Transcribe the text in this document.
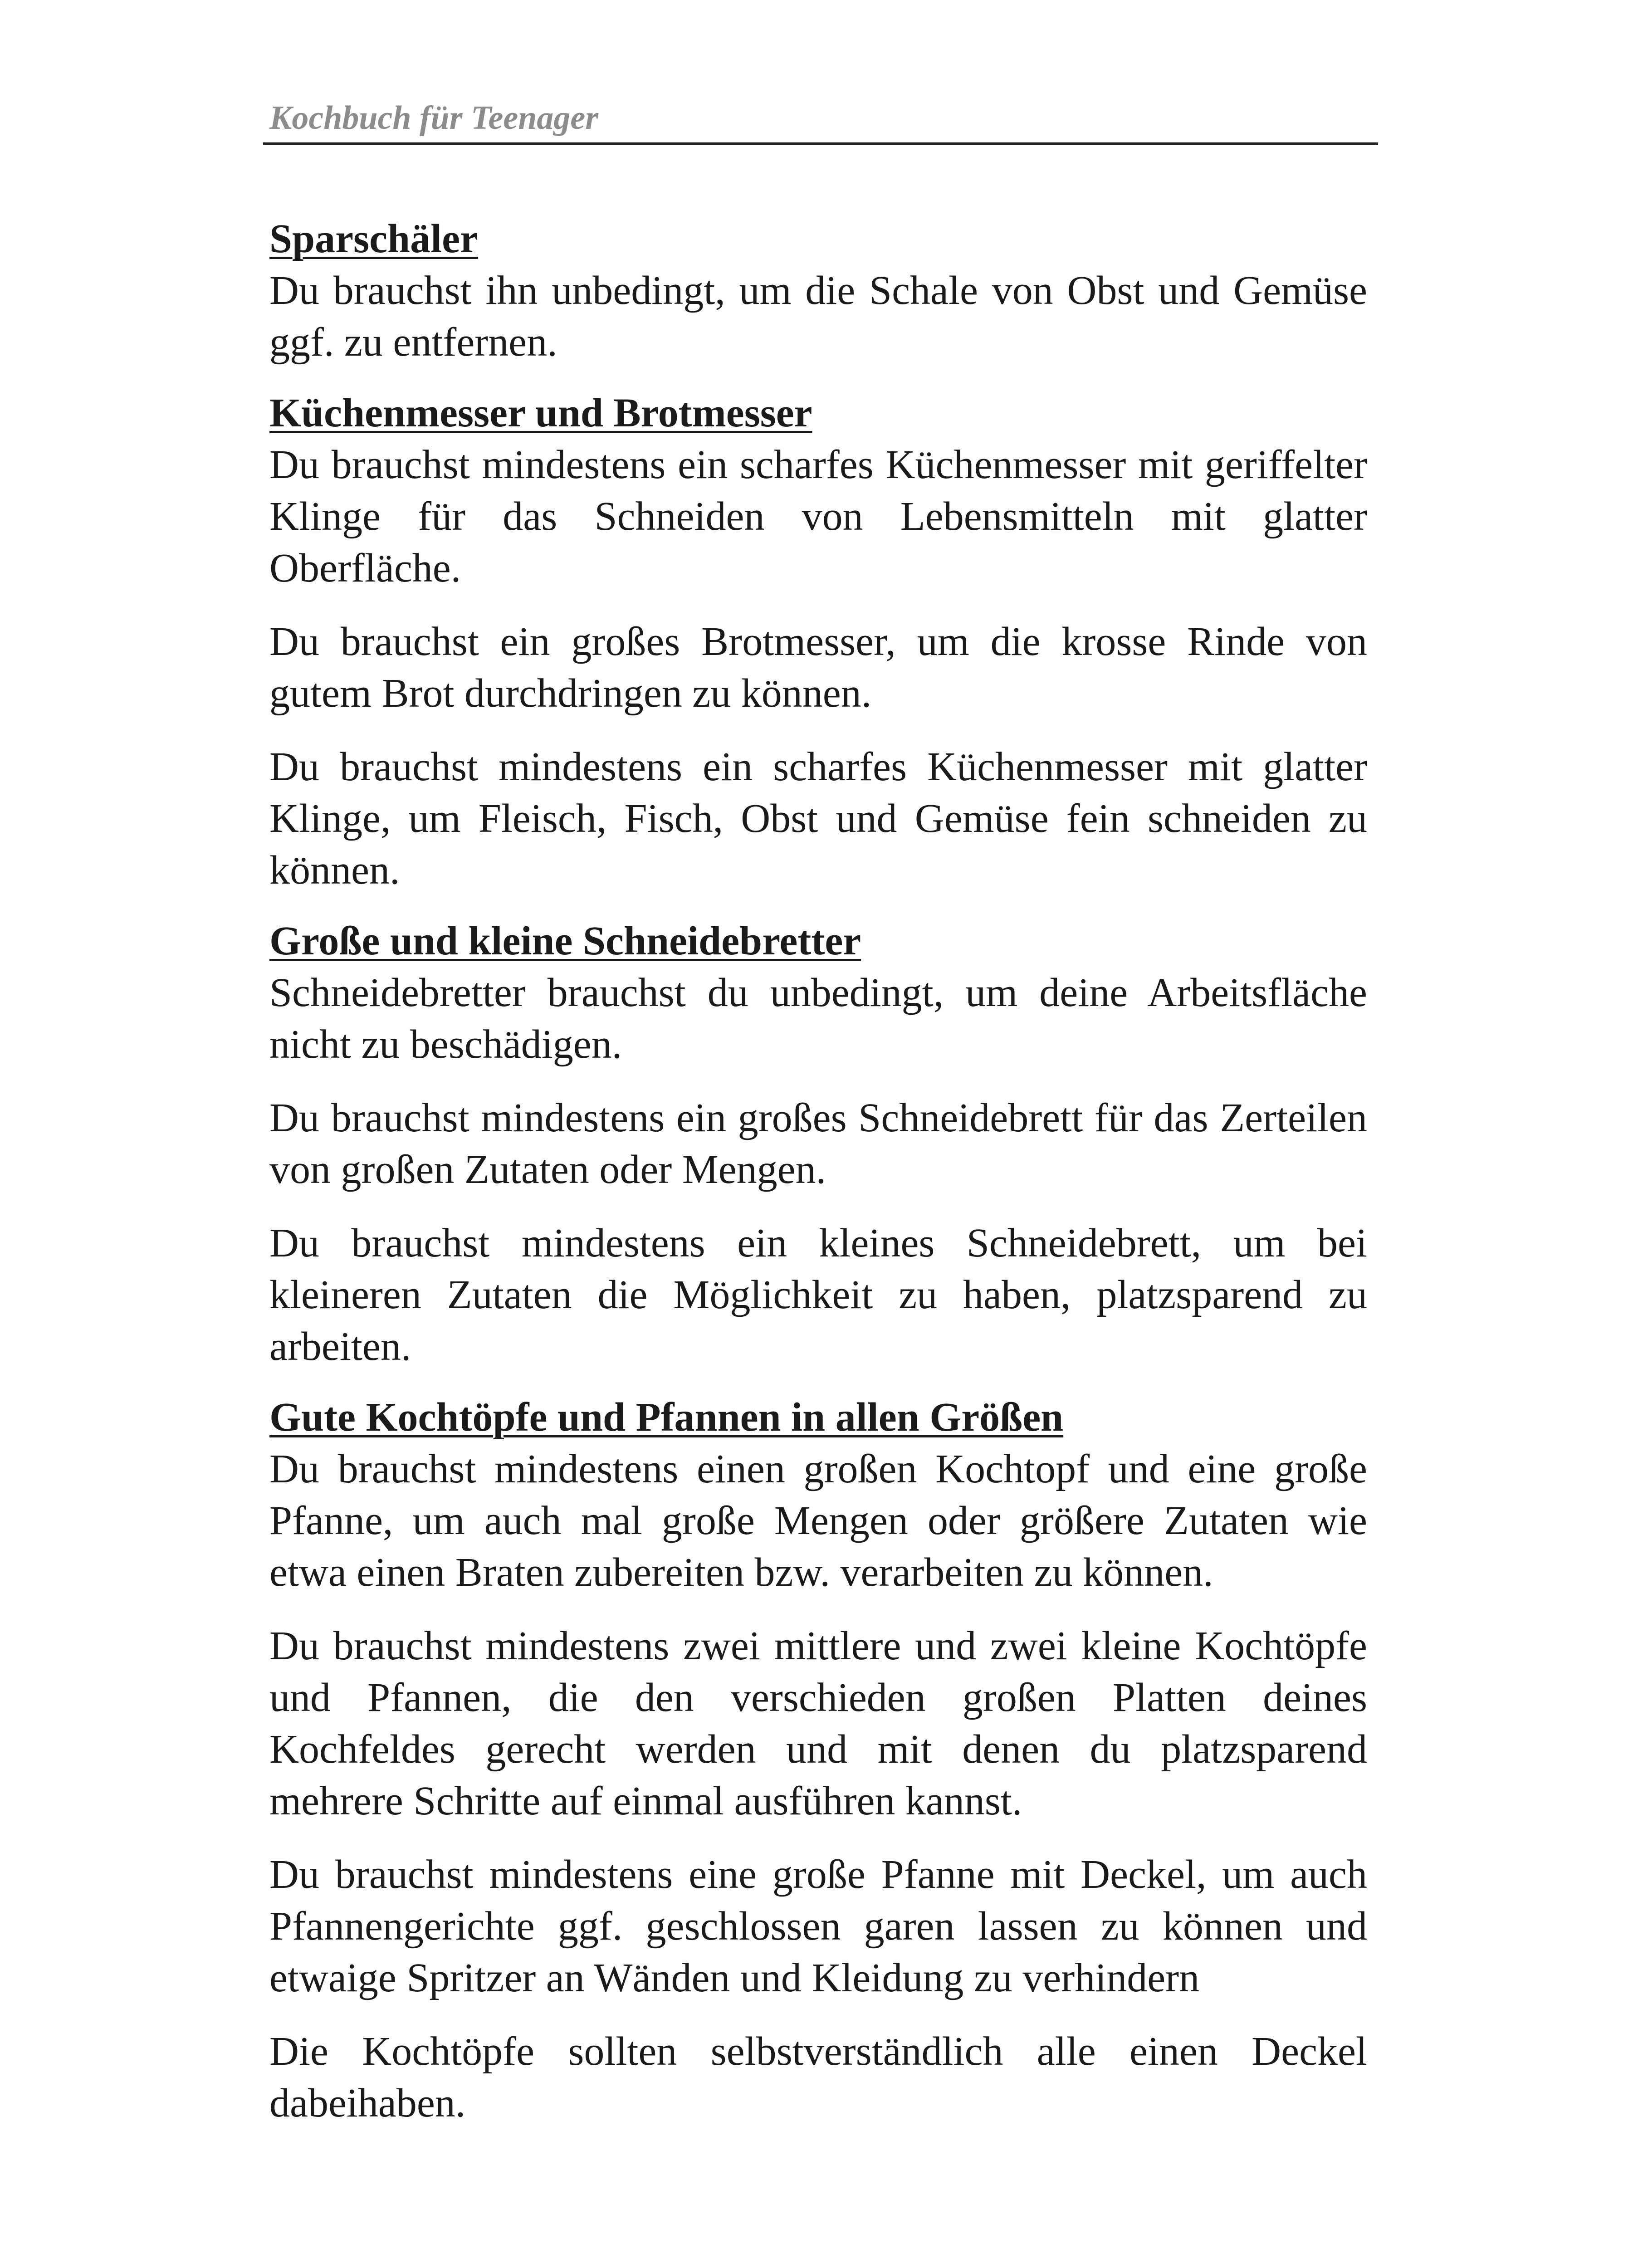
Kochbuch für Teenager

Sparschäler

Du brauchst ihn unbedingt, um die Schale von Obst und Gemüse ggf. zu entfernen.

Küchenmesser und Brotmesser

Du brauchst mindestens ein scharfes Küchenmesser mit geriffelter Klinge für das Schneiden von Lebensmitteln mit glatter Oberfläche.

Du brauchst ein großes Brotmesser, um die krosse Rinde von gutem Brot durchdringen zu können.

Du brauchst mindestens ein scharfes Küchenmesser mit glatter Klinge, um Fleisch, Fisch, Obst und Gemüse fein schneiden zu können.

Große und kleine Schneidebretter

Schneidebretter brauchst du unbedingt, um deine Arbeitsfläche nicht zu beschädigen.

Du brauchst mindestens ein großes Schneidebrett für das Zerteilen von großen Zutaten oder Mengen.

Du brauchst mindestens ein kleines Schneidebrett, um bei kleineren Zutaten die Möglichkeit zu haben, platzsparend zu arbeiten.

Gute Kochtöpfe und Pfannen in allen Größen

Du brauchst mindestens einen großen Kochtopf und eine große Pfanne, um auch mal große Mengen oder größere Zutaten wie etwa einen Braten zubereiten bzw. verarbeiten zu können.

Du brauchst mindestens zwei mittlere und zwei kleine Kochtöpfe und Pfannen, die den verschieden großen Platten deines Kochfeldes gerecht werden und mit denen du platzsparend mehrere Schritte auf einmal ausführen kannst.

Du brauchst mindestens eine große Pfanne mit Deckel, um auch Pfannengerichte ggf. geschlossen garen lassen zu können und etwaige Spritzer an Wänden und Kleidung zu verhindern

Die Kochtöpfe sollten selbstverständlich alle einen Deckel dabeihaben.
